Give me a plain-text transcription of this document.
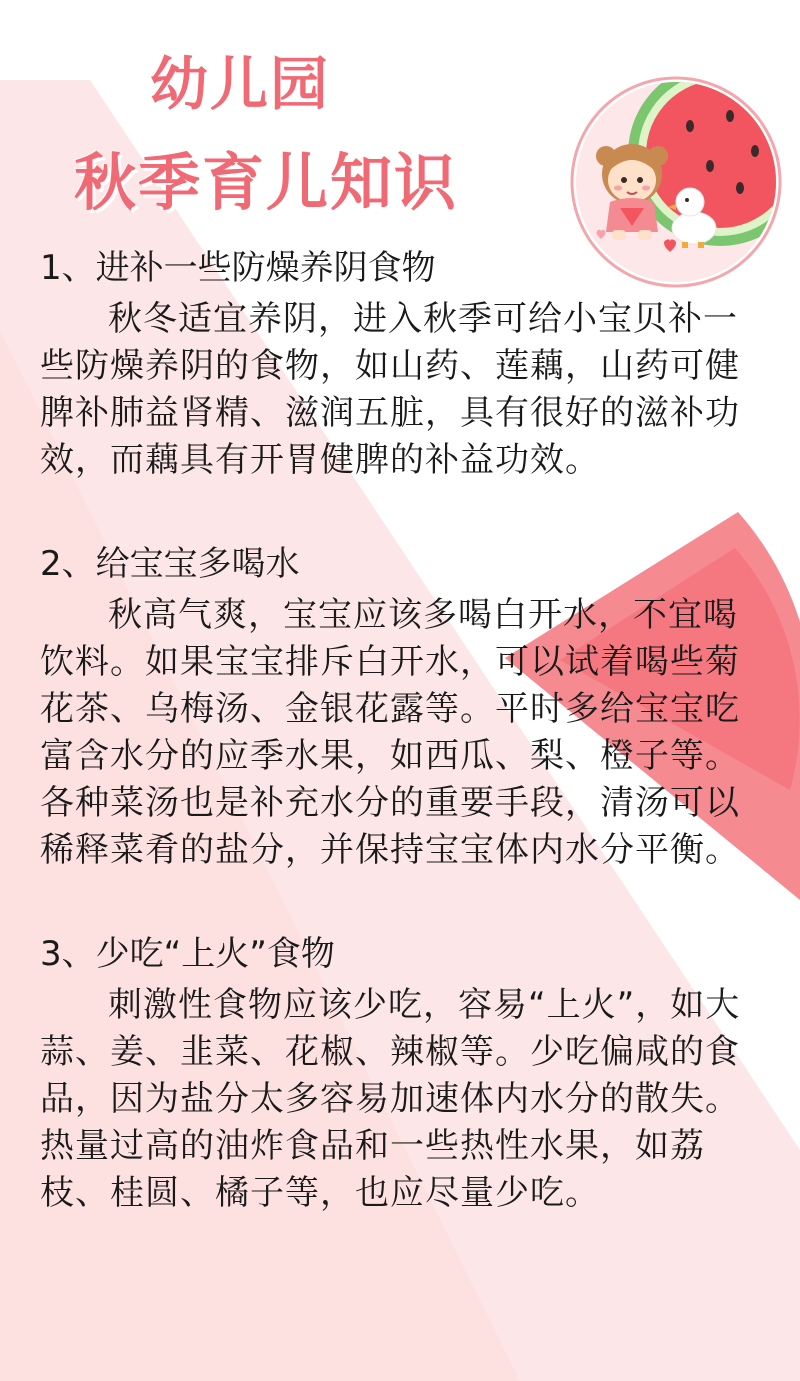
幼儿园
秋季育儿知识
1、进补一些防燥养阴食物

秋冬适宜养阴，进入秋季可给小宝贝补一些防燥养阴的食物，如山药、莲藕，山药可健脾补肺益肾精、滋润五脏，具有很好的滋补功效，而藕具有开胃健脾的补益功效。

2、给宝宝多喝水

秋高气爽，宝宝应该多喝白开水，不宜喝饮料。如果宝宝排斥白开水，可以试着喝些菊花茶、乌梅汤、金银花露等。平时多给宝宝吃富含水分的应季水果，如西瓜、梨、橙子等。各种菜汤也是补充水分的重要手段，清汤可以稀释菜肴的盐分，并保持宝宝体内水分平衡。

3、少吃“上火”食物

刺激性食物应该少吃，容易“上火”，如大蒜、姜、韭菜、花椒、辣椒等。少吃偏咸的食品，因为盐分太多容易加速体内水分的散失。热量过高的油炸食品和一些热性水果，如荔枝、桂圆、橘子等，也应尽量少吃。
